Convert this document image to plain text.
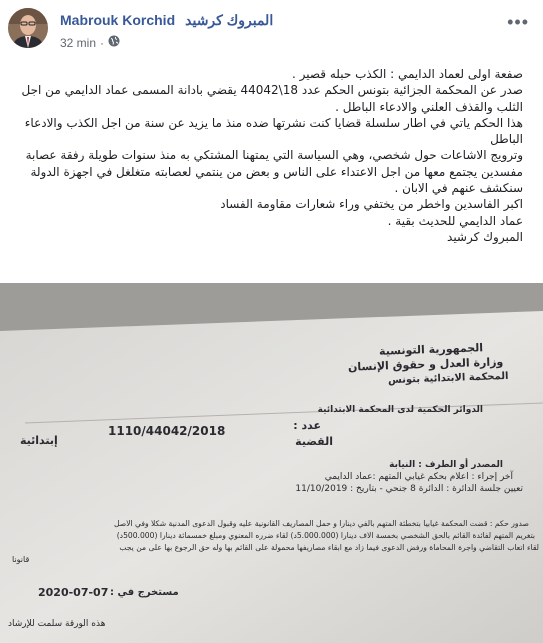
Mabrouk Korchid المبروك كرشيد
32 min ·
•••

صفعة اولى لعماد الدايمي : الكذب حبله قصير .

صدر عن المحكمة الجزائية بتونس الحكم عدد 18\44042 يقضي بادانة المسمى عماد الدايمي من اجل

الثلب والقذف العلني والادعاء الباطل .

هذا الحكم ياتي في اطار سلسلة قضايا كنت نشرتها ضده منذ ما يزيد عن سنة من اجل الكذب والادعاء الباطل

وترويج الاشاعات حول شخصي، وهي السياسة التي يمتهنا المشتكي به منذ سنوات طويلة رفقة عصابة

مفسدين يجتمع معها من اجل الاعتداء على الناس و بعض من ينتمي لعصابته متغلغل في اجهزة الدولة

سنكشف عنهم في الابان .

اكبر الفاسدين واخطر من يختفي وراء شعارات مقاومة الفساد

عماد الدايمي للحديث بقية .

المبروك كرشيد

الجمهورية التونسية
وزارة العدل و حقوق الإنسان
المحكمة الابتدائية بتونس
الدوائر الحكمية لدى المحكمة الابتدائية
1110/44042/2018	عدد :
القضية
إبتدائية
المصدر أو الطرف : النيابة
آخر إجراء : اعلام بحكم غيابي المتهم :عماد الدايمي
تعيين جلسة الدائرة : الدائرة 8 جنحي - بتاريخ : 11/10/2019
صدور حكم : قضت المحكمة غيابيا بتخطئة المتهم بالفي دينارا و حمل المصاريف القانونية عليه وقبول الدعوى المدنية شكلا وفي الاصل
بتغريم المتهم لفائدة القائم بالحق الشخصي بخمسة الاف دينارا (5.000.000د) لقاء ضرره المعنوي ومبلغ خمسمائة دينارا (500.000د)
لقاء اتعاب التقاضي واجرة المحاماة ورفض الدعوى فيما زاد مع ابقاء مصاريفها محمولة على القائم بها وله حق الرجوع بها على من يجب
قانونا
2020-07-07 مستخرج في :
هذه الورقة سلمت للإرشاد
